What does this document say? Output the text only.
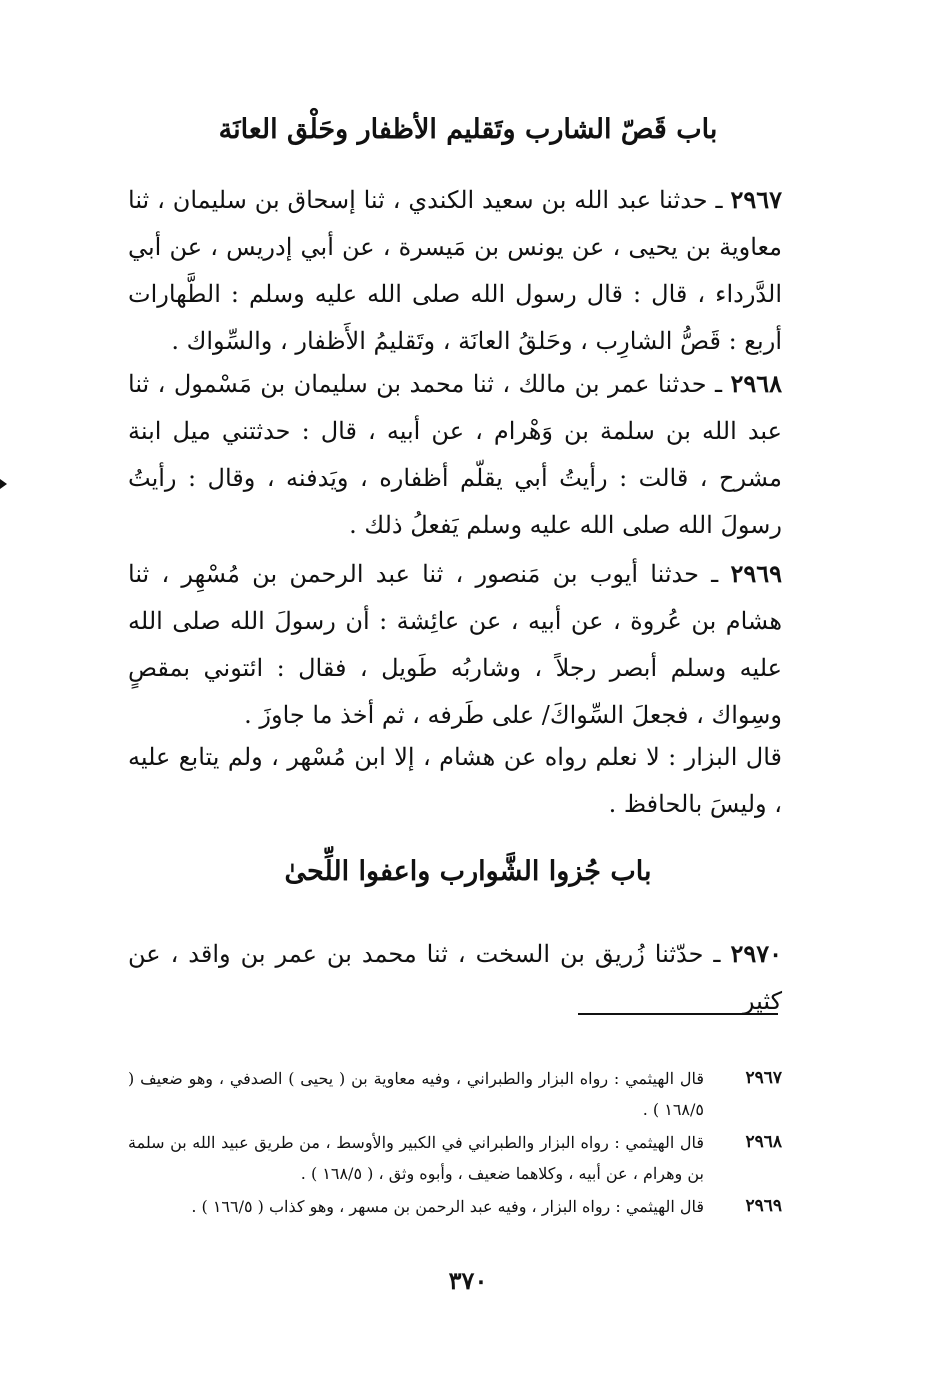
باب قَصّ الشارب وتَقليم الأظفار وحَلْق العانَة
٢٩٦٧ ـ حدثنا عبد الله بن سعيد الكندي ، ثنا إسحاق بن سليمان ، ثنا معاوية بن يحيى ، عن يونس بن مَيسرة ، عن أبي إدريس ، عن أبي الدَّرداء ، قال : قال رسول الله صلى الله عليه وسلم : الطَّهارات أربع : قَصُّ الشارِب ، وحَلقُ العانَة ، وتَقليمُ الأَظفار ، والسِّواك .
٢٩٦٨ ـ حدثنا عمر بن مالك ، ثنا محمد بن سليمان بن مَسْمول ، ثنا عبد الله بن سلمة بن وَهْرام ، عن أبيه ، قال : حدثتني ميل ابنة مشرح ، قالت : رأيتُ أبي يقلّم أظفاره ، ويَدفنه ، وقال : رأيتُ رسولَ الله صلى الله عليه وسلم يَفعلُ ذلك .
٢٩٦٩ ـ حدثنا أيوب بن مَنصور ، ثنا عبد الرحمن بن مُسْهِر ، ثنا هشام بن عُروة ، عن أبيه ، عن عائِشة : أن رسولَ الله صلى الله عليه وسلم أبصر رجلاً ، وشاربُه طَويل ، فقال : ائتوني بمقصٍ وسِواك ، فجعلَ السِّواكَ/ على طَرفه ، ثم أخذ ما جاوزَ .
قال البزار : لا نعلم رواه عن هشام ، إلا ابن مُسْهر ، ولم يتابع عليه ، وليسَ بالحافظ .
باب جُزوا الشَّوارب واعفوا اللِّحىٰ
٢٩٧٠ ـ حدّثنا زُريق بن السخت ، ثنا محمد بن عمر بن واقد ، عن كثير
٢٩٦٧
قال الهيثمي : رواه البزار والطبراني ، وفيه معاوية بن ( يحيى ) الصدفي ، وهو ضعيف ( ١٦٨/٥ ) .
٢٩٦٨
قال الهيثمي : رواه البزار والطبراني في الكبير والأوسط ، من طريق عبيد الله بن سلمة بن وهرام ، عن أبيه ، وكلاهما ضعيف ، وأبوه وثق ، ( ١٦٨/٥ ) .
٢٩٦٩
قال الهيثمي : رواه البزار ، وفيه عبد الرحمن بن مسهر ، وهو كذاب ( ١٦٦/٥ ) .
٣٧٠
